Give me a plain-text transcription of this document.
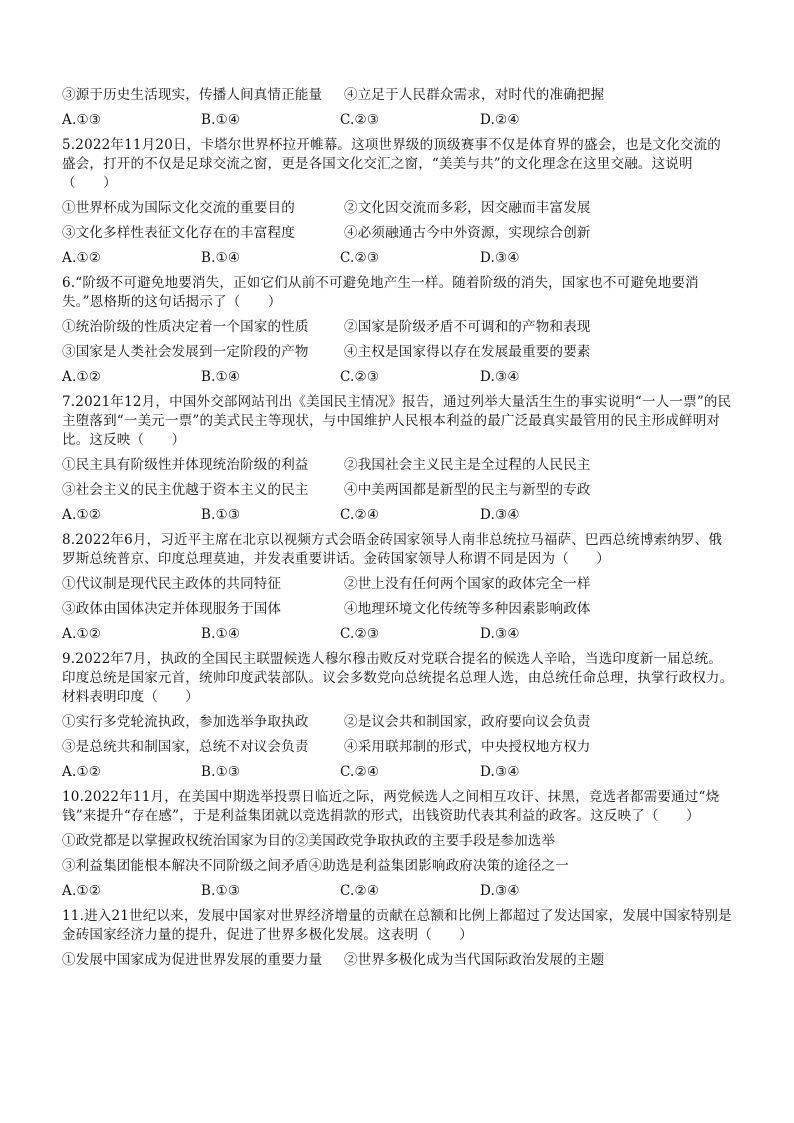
③源于历史生活现实，传播人间真情正能量	④立足于人民群众需求，对时代的准确把握
A.①③	B.①④	C.②③	D.②④
5.2022年11月20日，卡塔尔世界杯拉开帷幕。这项世界级的顶级赛事不仅是体育界的盛会，也是文化交流的盛会，打开的不仅是足球交流之窗，更是各国文化交汇之窗，“美美与共”的文化理念在这里交融。这说明（　　）
①世界杯成为国际文化交流的重要目的	②文化因交流而多彩，因交融而丰富发展
③文化多样性表征文化存在的丰富程度	④必须融通古今中外资源，实现综合创新
A.①②	B.①④	C.②③	D.③④
6.“阶级不可避免地要消失，正如它们从前不可避免地产生一样。随着阶级的消失，国家也不可避免地要消失。”恩格斯的这句话揭示了（　　）
①统治阶级的性质决定着一个国家的性质	②国家是阶级矛盾不可调和的产物和表现
③国家是人类社会发展到一定阶段的产物	④主权是国家得以存在发展最重要的要素
A.①②	B.①④	C.②③	D.③④
7.2021年12月，中国外交部网站刊出《美国民主情况》报告，通过列举大量活生生的事实说明“一人一票”的民主堕落到“一美元一票”的美式民主等现状，与中国维护人民根本利益的最广泛最真实最管用的民主形成鲜明对比。这反映（　　）
①民主具有阶级性并体现统治阶级的利益	②我国社会主义民主是全过程的人民民主
③社会主义的民主优越于资本主义的民主	④中美两国都是新型的民主与新型的专政
A.①②	B.①③	C.②④	D.③④
8.2022年6月，习近平主席在北京以视频方式会晤金砖国家领导人南非总统拉马福萨、巴西总统博索纳罗、俄罗斯总统普京、印度总理莫迪，并发表重要讲话。金砖国家领导人称谓不同是因为（　　）
①代议制是现代民主政体的共同特征	②世上没有任何两个国家的政体完全一样
③政体由国体决定并体现服务于国体	④地理环境文化传统等多种因素影响政体
A.①②	B.①④	C.②③	D.③④
9.2022年7月，执政的全国民主联盟候选人穆尔穆击败反对党联合提名的候选人辛哈，当选印度新一届总统。印度总统是国家元首，统帅印度武装部队。议会多数党向总统提名总理人选，由总统任命总理，执掌行政权力。材料表明印度（　　）
①实行多党轮流执政，参加选举争取执政	②是议会共和制国家，政府要向议会负责
③是总统共和制国家，总统不对议会负责	④采用联邦制的形式，中央授权地方权力
A.①②	B.①③	C.②④	D.③④
10.2022年11月，在美国中期选举投票日临近之际，两党候选人之间相互攻讦、抹黑，竞选者都需要通过“烧钱”来提升“存在感”，于是利益集团就以竞选捐款的形式，出钱资助代表其利益的政客。这反映了（　　）
①政党都是以掌握政权统治国家为目的②美国政党争取执政的主要手段是参加选举
③利益集团能根本解决不同阶级之间矛盾④助选是利益集团影响政府决策的途径之一
A.①②	B.①③	C.②④	D.③④
11.进入21世纪以来，发展中国家对世界经济增量的贡献在总额和比例上都超过了发达国家，发展中国家特别是金砖国家经济力量的提升，促进了世界多极化发展。这表明（　　）
①发展中国家成为促进世界发展的重要力量	②世界多极化成为当代国际政治发展的主题
